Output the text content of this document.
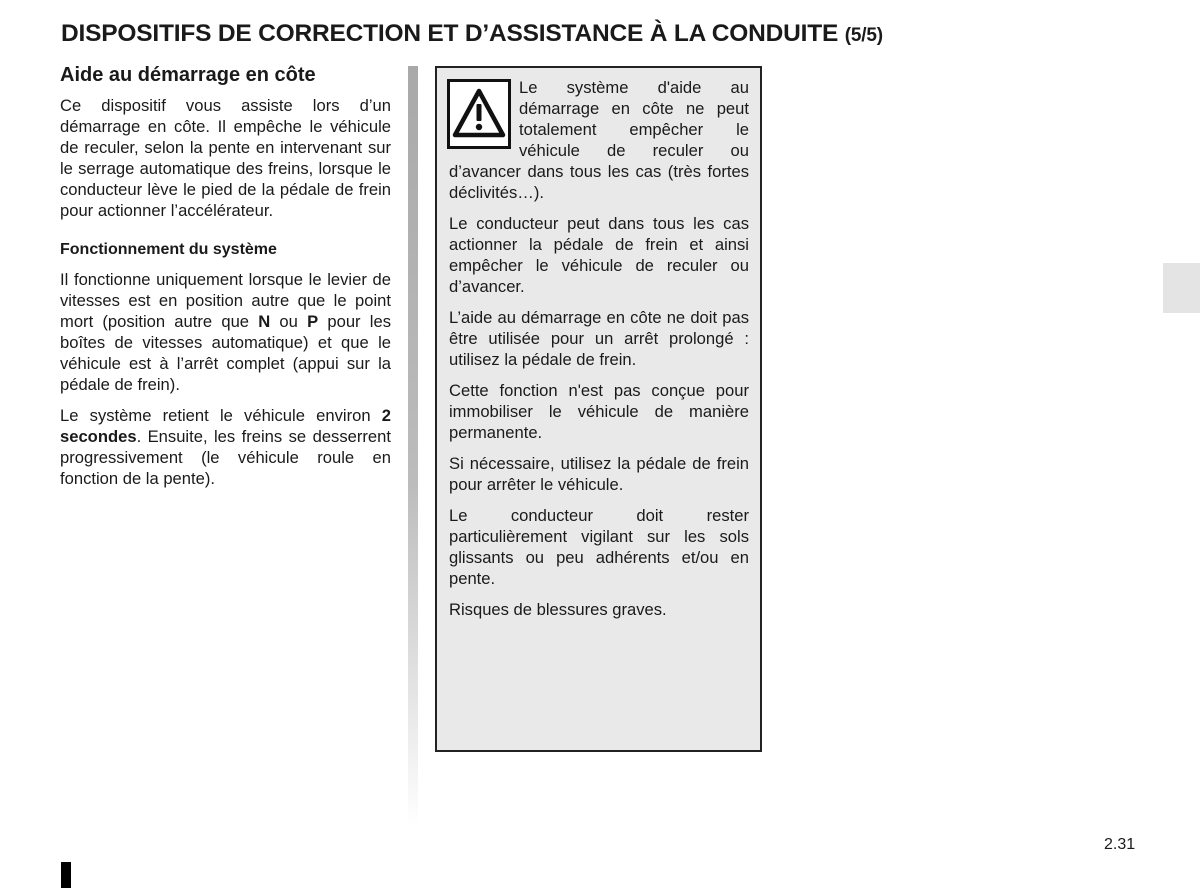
DISPOSITIFS DE CORRECTION ET D’ASSISTANCE À LA CONDUITE (5/5)
Aide au démarrage en côte

Ce dispositif vous assiste lors d’un démarrage en côte. Il empêche le véhicule de reculer, selon la pente en intervenant sur le serrage automatique des freins, lorsque le conducteur lève le pied de la pédale de frein pour actionner l’accélérateur.

Fonctionnement du système

Il fonctionne uniquement lorsque le levier de vitesses est en position autre que le point mort (position autre que N ou P pour les boîtes de vitesses automatique) et que le véhicule est à l’arrêt complet (appui sur la pédale de frein).

Le système retient le véhicule environ 2 secondes. Ensuite, les freins se desserrent progressivement (le véhicule roule en fonction de la pente).

Le système d'aide au démarrage en côte ne peut totalement empêcher le véhicule de reculer ou d’avancer dans tous les cas (très fortes déclivités…).

Le conducteur peut dans tous les cas actionner la pédale de frein et ainsi empêcher le véhicule de reculer ou d’avancer.

L’aide au démarrage en côte ne doit pas être utilisée pour un arrêt prolongé : utilisez la pédale de frein.

Cette fonction n'est pas conçue pour immobiliser le véhicule de manière permanente.

Si nécessaire, utilisez la pédale de frein pour arrêter le véhicule.

Le conducteur doit rester particulièrement vigilant sur les sols glissants ou peu adhérents et/ou en pente.

Risques de blessures graves.

2.31
